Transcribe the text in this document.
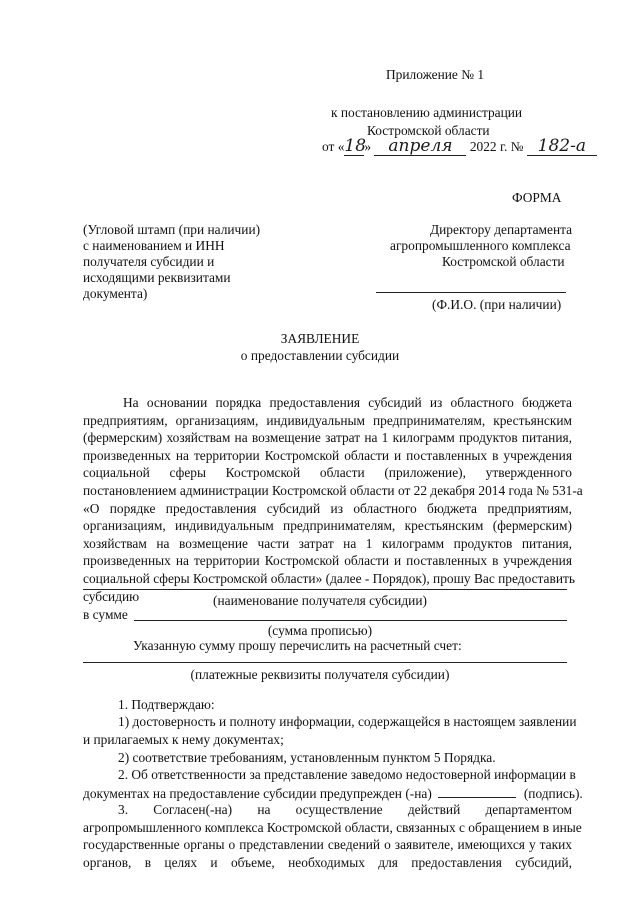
Приложение № 1
к постановлению администрации
Костромской области
от «18» апреля 2022 г. № 182-а
ФОРМА
(Угловой штамп (при наличии)
с наименованием и ИНН
получателя субсидии и
исходящими реквизитами
документа)
Директору департамента
агропромышленного комплекса
Костромской области
(Ф.И.О. (при наличии)
ЗАЯВЛЕНИЕ
о предоставлении субсидии
На основании порядка предоставления субсидий из областного бюджета
предприятиям, организациям, индивидуальным предпринимателям, крестьянским
(фермерским) хозяйствам на возмещение затрат на 1 килограмм продуктов питания,
произведенных на территории Костромской области и поставленных в учреждения
социальной сферы Костромской области (приложение), утвержденного
постановлением администрации Костромской области от 22 декабря 2014 года № 531-а
«О порядке предоставления субсидий из областного бюджета предприятиям,
организациям, индивидуальным предпринимателям, крестьянским (фермерским)
хозяйствам на возмещение части затрат на 1 килограмм продуктов питания,
произведенных на территории Костромской области и поставленных в учреждения
социальной сферы Костромской области» (далее - Порядок), прошу Вас предоставить
субсидию	(наименование получателя субсидии)
в сумме
(сумма прописью)
Указанную сумму прошу перечислить на расчетный счет:
(платежные реквизиты получателя субсидии)
1. Подтверждаю:
1) достоверность и полноту информации, содержащейся в настоящем заявлении
и прилагаемых к нему документах;
2) соответствие требованиям, установленным пунктом 5 Порядка.
2. Об ответственности за представление заведомо недостоверной информации в
документах на предоставление субсидии предупрежден (-на)	(подпись).
3. Согласен(-на) на осуществление действий департаментом
агропромышленного комплекса Костромской области, связанных с обращением в иные
государственные органы о представлении сведений о заявителе, имеющихся у таких
органов, в целях и объеме, необходимых для предоставления субсидий,
